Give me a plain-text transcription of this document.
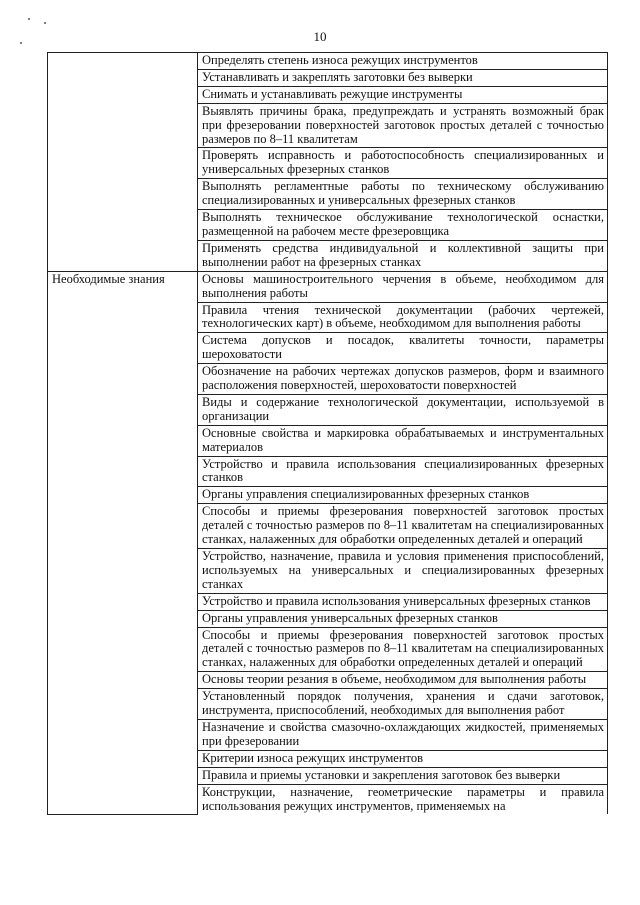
10
	Определять степень износа режущих инструментов
	Устанавливать и закреплять заготовки без выверки
	Снимать и устанавливать режущие инструменты
	Выявлять причины брака, предупреждать и устранять возможный брак при фрезеровании поверхностей заготовок простых деталей с точностью размеров по 8–11 квалитетам
	Проверять исправность и работоспособность специализированных и универсальных фрезерных станков
	Выполнять регламентные работы по техническому обслуживанию специализированных и универсальных фрезерных станков
	Выполнять техническое обслуживание технологической оснастки, размещенной на рабочем месте фрезеровщика
	Применять средства индивидуальной и коллективной защиты при выполнении работ на фрезерных станках
Необходимые знания	Основы машиностроительного черчения в объеме, необходимом для выполнения работы
	Правила чтения технической документации (рабочих чертежей, технологических карт) в объеме, необходимом для выполнения работы
	Система допусков и посадок, квалитеты точности, параметры шероховатости
	Обозначение на рабочих чертежах допусков размеров, форм и взаимного расположения поверхностей, шероховатости поверхностей
	Виды и содержание технологической документации, используемой в организации
	Основные свойства и маркировка обрабатываемых и инструментальных материалов
	Устройство и правила использования специализированных фрезерных станков
	Органы управления специализированных фрезерных станков
	Способы и приемы фрезерования поверхностей заготовок простых деталей с точностью размеров по 8–11 квалитетам на специализированных станках, налаженных для обработки определенных деталей и операций
	Устройство, назначение, правила и условия применения приспособлений, используемых на универсальных и специализированных фрезерных станках
	Устройство и правила использования универсальных фрезерных станков
	Органы управления универсальных фрезерных станков
	Способы и приемы фрезерования поверхностей заготовок простых деталей с точностью размеров по 8–11 квалитетам на специализированных станках, налаженных для обработки определенных деталей и операций
	Основы теории резания в объеме, необходимом для выполнения работы
	Установленный порядок получения, хранения и сдачи заготовок, инструмента, приспособлений, необходимых для выполнения работ
	Назначение и свойства смазочно-охлаждающих жидкостей, применяемых при фрезеровании
	Критерии износа режущих инструментов
	Правила и приемы установки и закрепления заготовок без выверки
	Конструкции, назначение, геометрические параметры и правила использования режущих инструментов, применяемых на
